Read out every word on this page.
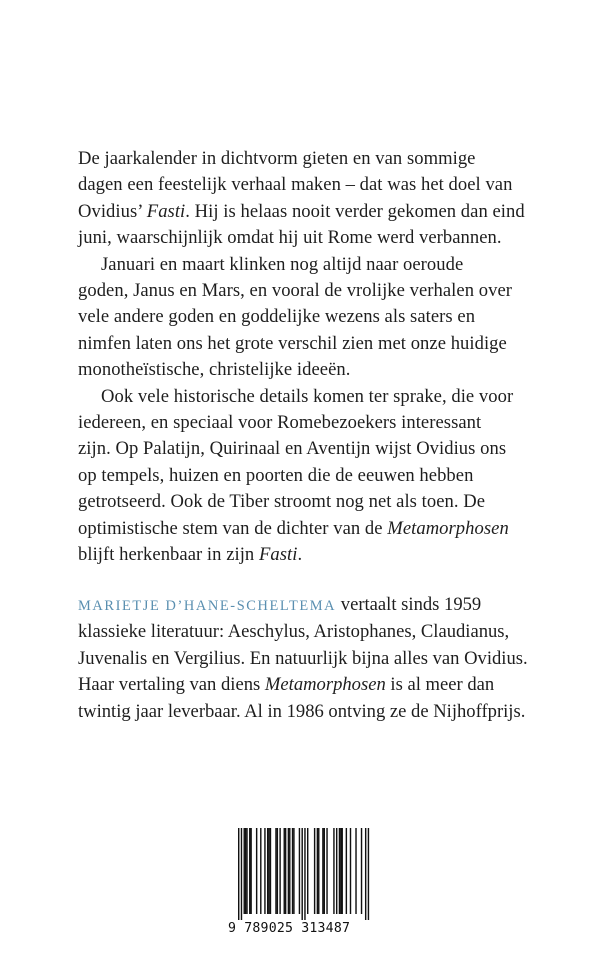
De jaarkalender in dichtvorm gieten en van sommige
dagen een feestelijk verhaal maken – dat was het doel van
Ovidius’ Fasti. Hij is helaas nooit verder gekomen dan eind
juni, waarschijnlijk omdat hij uit Rome werd verbannen.
Januari en maart klinken nog altijd naar oeroude
goden, Janus en Mars, en vooral de vrolijke verhalen over
vele andere goden en goddelijke wezens als saters en
nimfen laten ons het grote verschil zien met onze huidige
monotheïstische, christelijke ideeën.
Ook vele historische details komen ter sprake, die voor
iedereen, en speciaal voor Romebezoekers interessant
zijn. Op Palatijn, Quirinaal en Aventijn wijst Ovidius ons
op tempels, huizen en poorten die de eeuwen hebben
getrotseerd. Ook de Tiber stroomt nog net als toen. De
optimistische stem van de dichter van de Metamorphosen
blijft herkenbaar in zijn Fasti.
MARIETJE D’HANE-SCHELTEMA vertaalt sinds 1959
klassieke literatuur: Aeschylus, Aristophanes, Claudianus,
Juvenalis en Vergilius. En natuurlijk bijna alles van Ovidius.
Haar vertaling van diens Metamorphosen is al meer dan
twintig jaar leverbaar. Al in 1986 ontving ze de Nijhoffprijs.
9 789025 313487
